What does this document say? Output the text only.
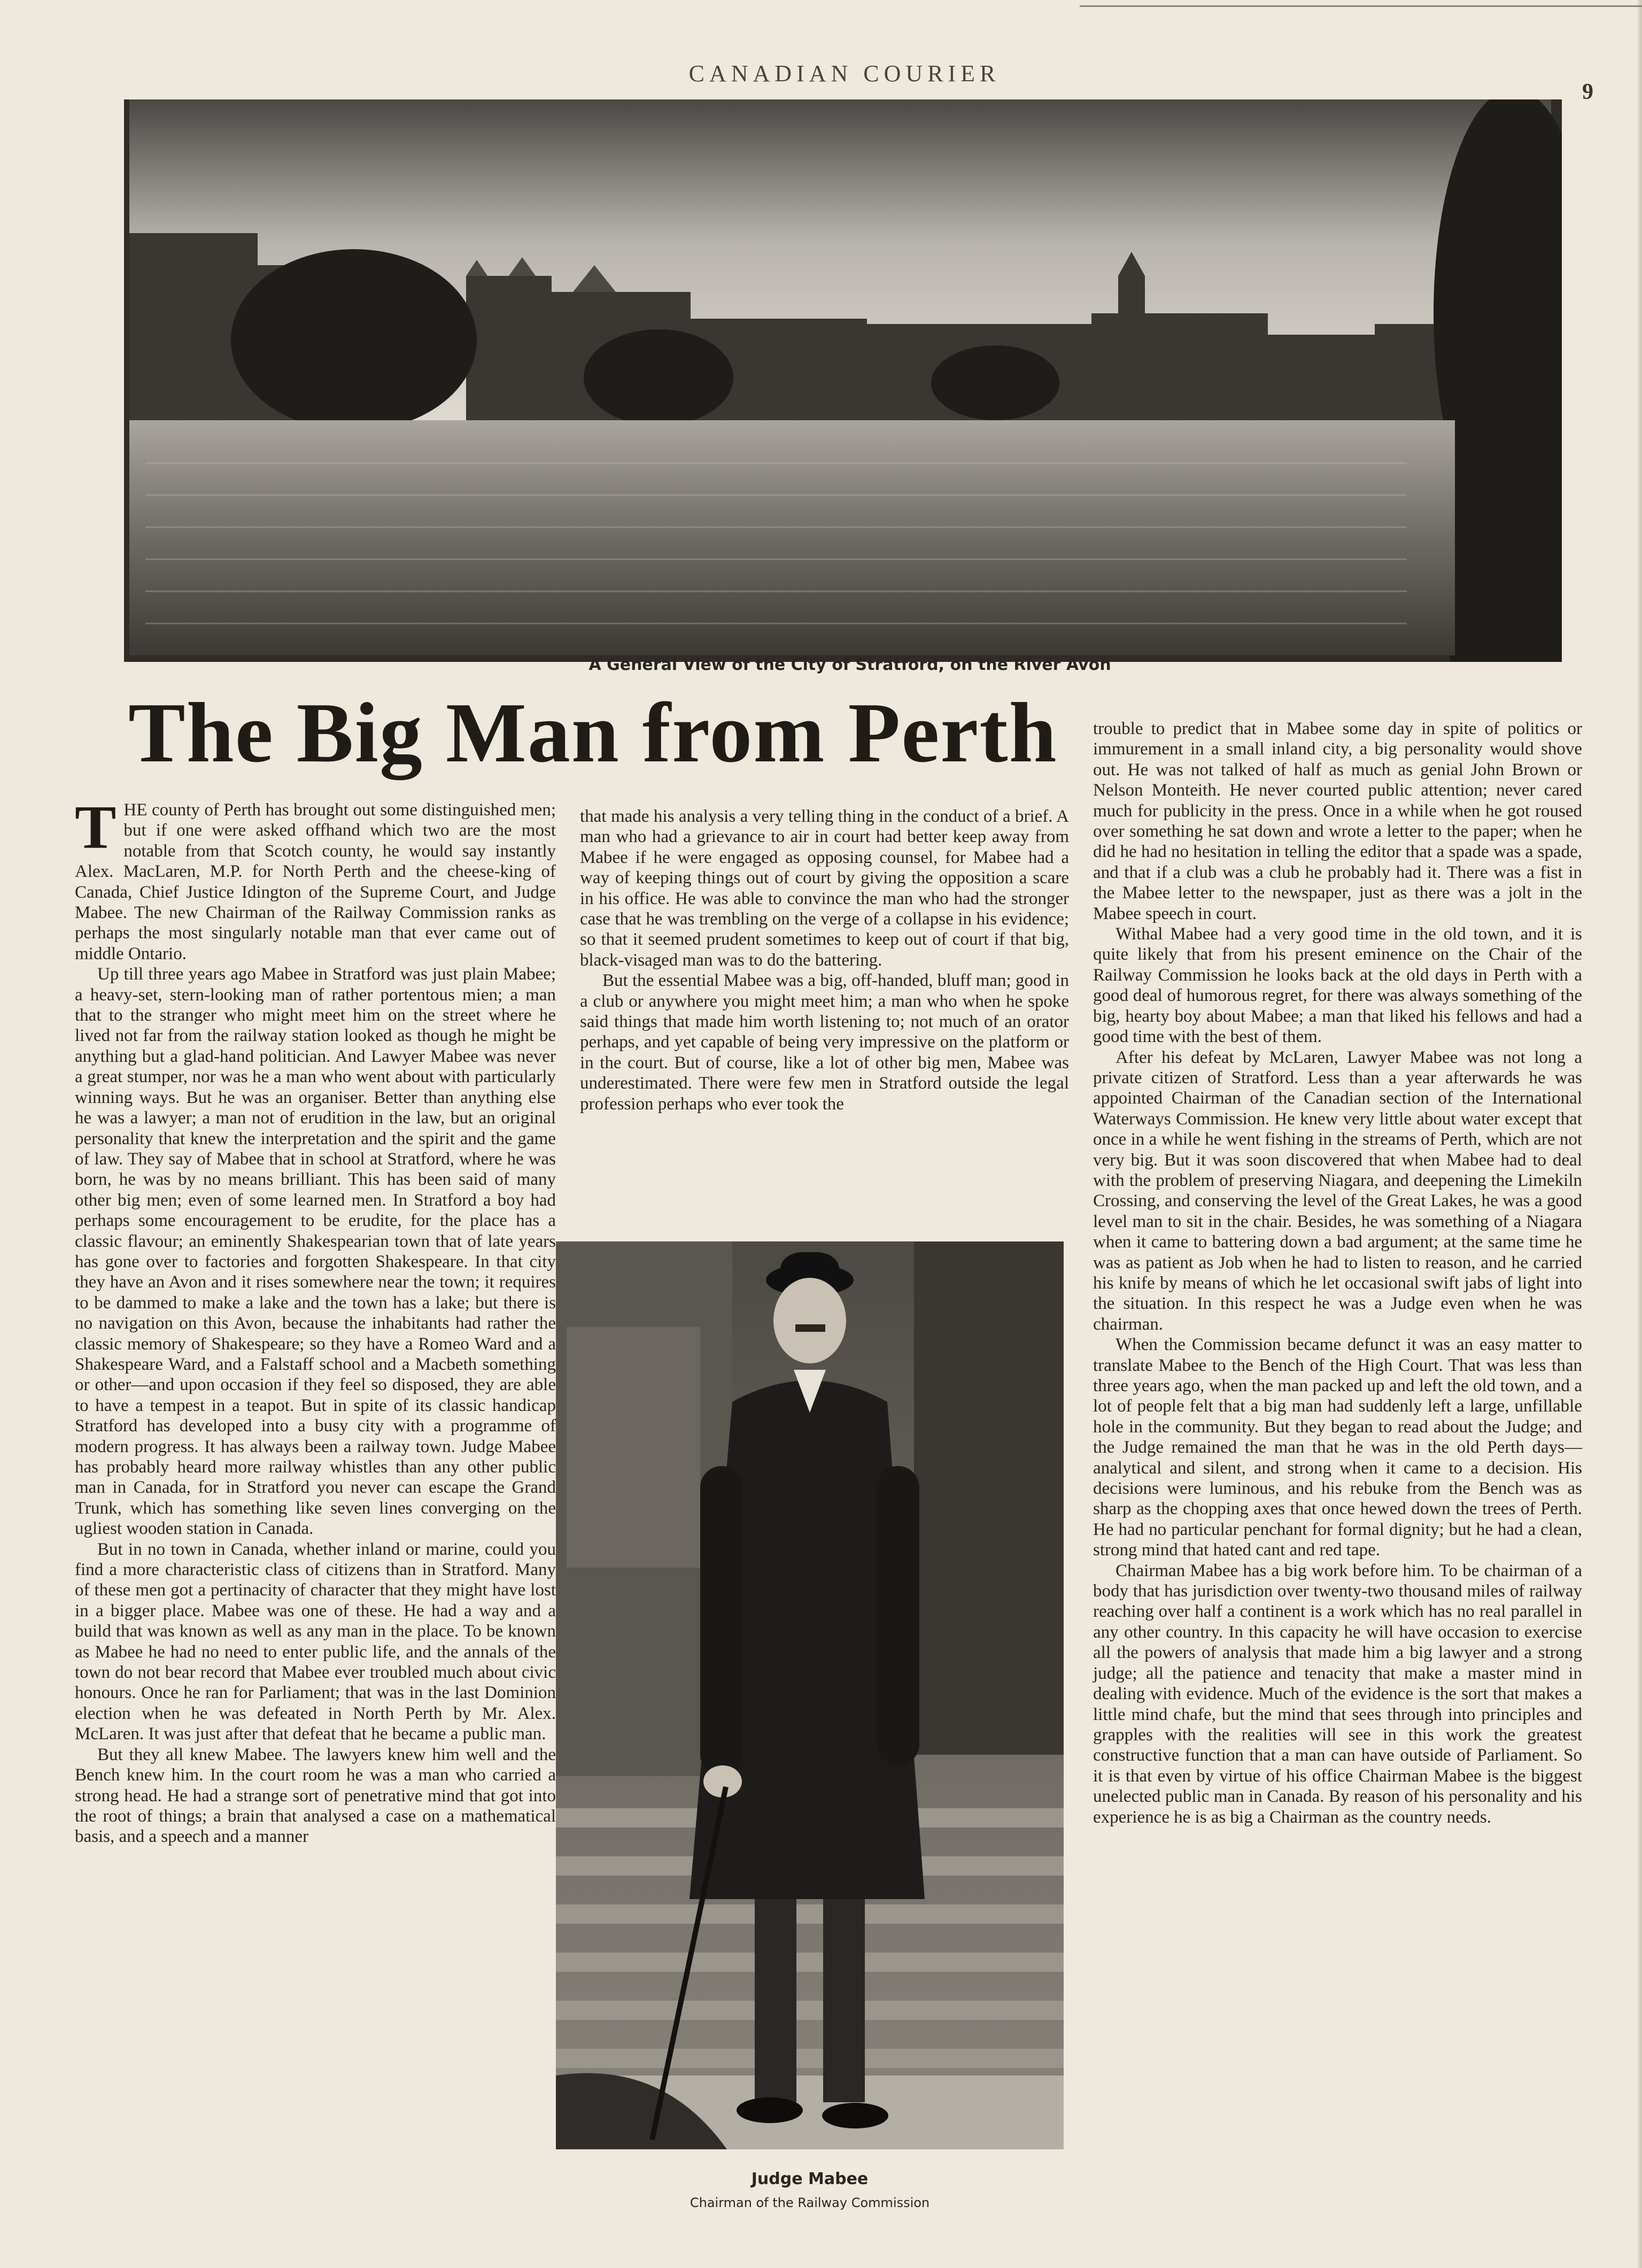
CANADIAN COURIER
9
A General View of the City of Stratford, on the River Avon
The Big Man from Perth

THE county of Perth has brought out some distinguished men; but if one were asked offhand which two are the most notable from that Scotch county, he would say instantly Alex. MacLaren, M.P. for North Perth and the cheese-king of Canada, Chief Justice Idington of the Supreme Court, and Judge Mabee. The new Chairman of the Railway Commission ranks as perhaps the most singularly notable man that ever came out of middle Ontario.

Up till three years ago Mabee in Stratford was just plain Mabee; a heavy-set, stern-looking man of rather portentous mien; a man that to the stranger who might meet him on the street where he lived not far from the railway station looked as though he might be anything but a glad-hand politician. And Lawyer Mabee was never a great stumper, nor was he a man who went about with particularly winning ways. But he was an organiser. Better than anything else he was a lawyer; a man not of erudition in the law, but an original personality that knew the interpretation and the spirit and the game of law. They say of Mabee that in school at Stratford, where he was born, he was by no means brilliant. This has been said of many other big men; even of some learned men. In Stratford a boy had perhaps some encouragement to be erudite, for the place has a classic flavour; an eminently Shakespearian town that of late years has gone over to factories and forgotten Shakespeare. In that city they have an Avon and it rises somewhere near the town; it requires to be dammed to make a lake and the town has a lake; but there is no navigation on this Avon, because the inhabitants had rather the classic memory of Shakespeare; so they have a Romeo Ward and a Shakespeare Ward, and a Falstaff school and a Macbeth something or other—and upon occasion if they feel so disposed, they are able to have a tempest in a teapot. But in spite of its classic handicap Stratford has developed into a busy city with a programme of modern progress. It has always been a railway town. Judge Mabee has probably heard more railway whistles than any other public man in Canada, for in Stratford you never can escape the Grand Trunk, which has something like seven lines converging on the ugliest wooden station in Canada.

But in no town in Canada, whether inland or marine, could you find a more characteristic class of citizens than in Stratford. Many of these men got a pertinacity of character that they might have lost in a bigger place. Mabee was one of these. He had a way and a build that was known as well as any man in the place. To be known as Mabee he had no need to enter public life, and the annals of the town do not bear record that Mabee ever troubled much about civic honours. Once he ran for Parliament; that was in the last Dominion election when he was defeated in North Perth by Mr. Alex. McLaren. It was just after that defeat that he became a public man.

But they all knew Mabee. The lawyers knew him well and the Bench knew him. In the court room he was a man who carried a strong head. He had a strange sort of penetrative mind that got into the root of things; a brain that analysed a case on a mathematical basis, and a speech and a manner

that made his analysis a very telling thing in the conduct of a brief. A man who had a grievance to air in court had better keep away from Mabee if he were engaged as opposing counsel, for Mabee had a way of keeping things out of court by giving the opposition a scare in his office. He was able to convince the man who had the stronger case that he was trembling on the verge of a collapse in his evidence; so that it seemed prudent sometimes to keep out of court if that big, black-visaged man was to do the battering.

But the essential Mabee was a big, off-handed, bluff man; good in a club or anywhere you might meet him; a man who when he spoke said things that made him worth listening to; not much of an orator perhaps, and yet capable of being very impressive on the platform or in the court. But of course, like a lot of other big men, Mabee was underestimated. There were few men in Stratford outside the legal profession perhaps who ever took the

Judge Mabee
Chairman of the Railway Commission

trouble to predict that in Mabee some day in spite of politics or immurement in a small inland city, a big personality would shove out. He was not talked of half as much as genial John Brown or Nelson Monteith. He never courted public attention; never cared much for publicity in the press. Once in a while when he got roused over something he sat down and wrote a letter to the paper; when he did he had no hesitation in telling the editor that a spade was a spade, and that if a club was a club he probably had it. There was a fist in the Mabee letter to the newspaper, just as there was a jolt in the Mabee speech in court.

Withal Mabee had a very good time in the old town, and it is quite likely that from his present eminence on the Chair of the Railway Commission he looks back at the old days in Perth with a good deal of humorous regret, for there was always something of the big, hearty boy about Mabee; a man that liked his fellows and had a good time with the best of them.

After his defeat by McLaren, Lawyer Mabee was not long a private citizen of Stratford. Less than a year afterwards he was appointed Chairman of the Canadian section of the International Waterways Commission. He knew very little about water except that once in a while he went fishing in the streams of Perth, which are not very big. But it was soon discovered that when Mabee had to deal with the problem of preserving Niagara, and deepening the Limekiln Crossing, and conserving the level of the Great Lakes, he was a good level man to sit in the chair. Besides, he was something of a Niagara when it came to battering down a bad argument; at the same time he was as patient as Job when he had to listen to reason, and he carried his knife by means of which he let occasional swift jabs of light into the situation. In this respect he was a Judge even when he was chairman.

When the Commission became defunct it was an easy matter to translate Mabee to the Bench of the High Court. That was less than three years ago, when the man packed up and left the old town, and a lot of people felt that a big man had suddenly left a large, unfillable hole in the community. But they began to read about the Judge; and the Judge remained the man that he was in the old Perth days—analytical and silent, and strong when it came to a decision. His decisions were luminous, and his rebuke from the Bench was as sharp as the chopping axes that once hewed down the trees of Perth. He had no particular penchant for formal dignity; but he had a clean, strong mind that hated cant and red tape.

Chairman Mabee has a big work before him. To be chairman of a body that has jurisdiction over twenty-two thousand miles of railway reaching over half a continent is a work which has no real parallel in any other country. In this capacity he will have occasion to exercise all the powers of analysis that made him a big lawyer and a strong judge; all the patience and tenacity that make a master mind in dealing with evidence. Much of the evidence is the sort that makes a little mind chafe, but the mind that sees through into principles and grapples with the realities will see in this work the greatest constructive function that a man can have outside of Parliament. So it is that even by virtue of his office Chairman Mabee is the biggest unelected public man in Canada. By reason of his personality and his experience he is as big a Chairman as the country needs.
